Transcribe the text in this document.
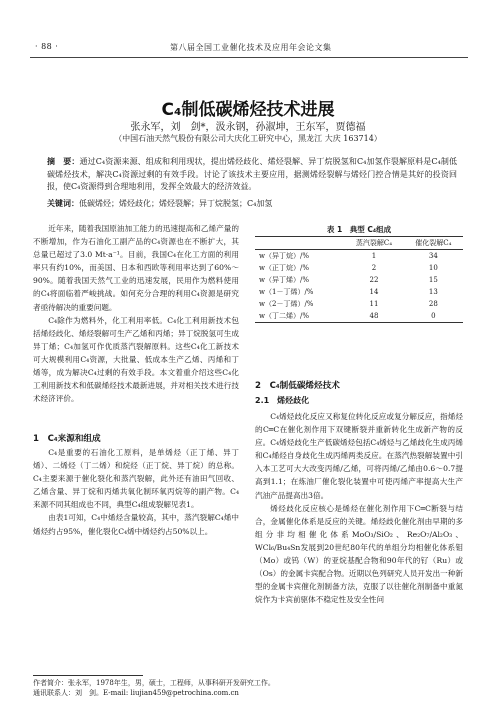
· 88 ·	第八届全国工业催化技术及应用年会论文集
C₄制低碳烯烃技术进展
张永军，刘　剑*，汲永钢，孙淑坤，王东军，贾德福
（中国石油天然气股份有限公司大庆化工研究中心，黑龙江 大庆 163714）
摘　要：通过C₄资源来源、组成和利用现状，提出烯烃歧化、烯烃裂解、异丁烷脱氢和C₄加氢作裂解原料是C₄制低碳烯烃技术，解决C₄资源过剩的有效手段。讨论了该技术主要应用，据测烯烃裂解与烯烃门控合情是其好的投资回报，使C₄资源得到合理地利用，发挥全效最大的经济效益。
关键词：低碳烯烃；烯烃歧化；烯烃裂解；异丁烷脱氢；C₄加氢

近年来，随着我国原油加工能力的迅速提高和乙烯产量的不断增加，作为石油化工副产品的C₄资源也在不断扩大，其总量已超过了3.0 Mt·a⁻¹。目前，我国C₄在化工方面的利用率只有约10%，而美国、日本和西欧等利用率达到了60%～90%。随着我国天然气工业的迅速发展，民用作为燃料使用的C₄将面临着严峻挑战。如何充分合理的利用C₄资源是研究者亟待解决的重要问题。

C₄除作为燃料外，化工利用率低。C₄化工利用新技术包括烯烃歧化、烯烃裂解可生产乙烯和丙烯；异丁烷脱氢可生成异丁烯；C₄加氢可作优质蒸汽裂解原料。这些C₄化工新技术可大规模利用C₄资源，大批量、低成本生产乙烯、丙烯和丁烯等，成为解决C₄过剩的有效手段。本文着重介绍这些C₄化工利用新技术和低碳烯烃技术最新进展，并对相关技术进行技术经济评价。

1　C₄来源和组成

C₄是重要的石油化工原料，是单烯烃（正丁烯、异丁烯）、二烯烃（丁二烯）和烷烃（正丁烷、异丁烷）的总称。C₄主要来源于催化裂化和蒸汽裂解，此外还有油田气回收、乙烯含量、异丁烷和丙烯共氧化制环氧丙烷等的副产物。C₄来源不同其组成也不同，典型C₄组成裂解见表1。

由表1可知，C₄中烯烃含量较高，其中，蒸汽裂解C₄烯中烯烃约占95%，催化裂化C₄烯中烯烃约占50%以上。

表 1　典型 C₄组成
	蒸汽裂解C₄	催化裂解C₄
w（异丁烷）/%	1	34
w（正丁烷）/%	2	10
w（异丁烯）/%	22	15
w（1－丁烯）/%	14	13
w（2－丁烯）/%	11	28
w（丁二烯）/%	48	0
2　C₄制低碳烯烃技术
2.1　烯烃歧化

C₄烯烃歧化反应又称复位转化反应或复分解反应，指烯烃的C═C在催化剂作用下双键断裂并重新转化生成新产物的反应。C₄烯烃歧化生产低碳烯烃包括C₄烯烃与乙烯歧化生成丙烯和C₄烯烃自身歧化生成丙烯两类反应。在蒸汽热裂解装置中引入本工艺可大大改变丙烯/乙烯，可将丙烯/乙烯由0.6～0.7提高到1.1；在炼油厂催化裂化装置中可使丙烯产率提高大生产汽油产品提高出3倍。

烯烃歧化反应核心是烯烃在催化剂作用下C═C断裂与结合，金属催化体系是反应的关键。烯烃歧化催化剂由早期的多组分非均相催化体系MoO₃/SiO₂、Re₂O₇/Al₂O₃、WCl₆/Bu₄Sn发展到20世纪80年代的单组分均相催化体系钼（Mo）或钨（W）的亚烷基配合物和90年代的钌（Ru）或（Os）的金属卡宾配合物。近期以色列研究人员开发出一种新型的金属卡宾催化剂制备方法，克服了以往催化剂制备中重氮烷作为卡宾前驱体不稳定性及安全性问

作者简介：张永军，1978年生，男，硕士，工程师，从事科研开发研究工作。
通讯联系人：刘　剑。E-mail: liujian459@petrochina.com.cn
